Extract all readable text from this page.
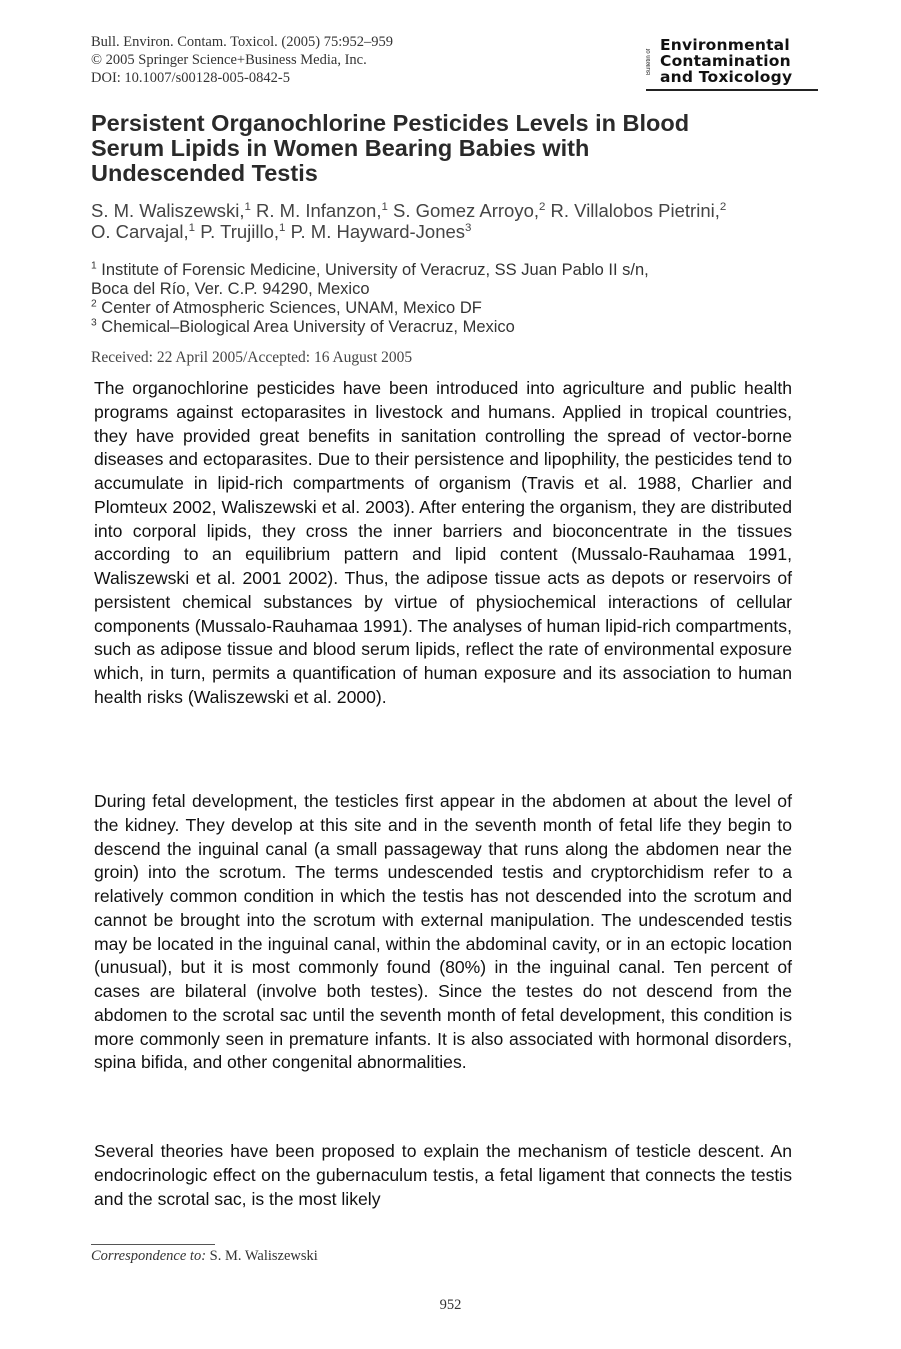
Bull. Environ. Contam. Toxicol. (2005) 75:952–959
© 2005 Springer Science+Business Media, Inc.
DOI: 10.1007/s00128-005-0842-5
Bulletin of
Environmental
Contamination
and Toxicology
Persistent Organochlorine Pesticides Levels in Blood
Serum Lipids in Women Bearing Babies with
Undescended Testis
S. M. Waliszewski,$^1$ R. M. Infanzon,$^1$ S. Gomez Arroyo,$^2$ R. Villalobos Pietrini,$^2$
O. Carvajal,$^1$ P. Trujillo,$^1$ P. M. Hayward-Jones$^3$
$^1$ Institute of Forensic Medicine, University of Veracruz, SS Juan Pablo II s/n,
Boca del Río, Ver. C.P. 94290, Mexico
$^2$ Center of Atmospheric Sciences, UNAM, Mexico DF
$^3$ Chemical–Biological Area University of Veracruz, Mexico
Received: 22 April 2005/Accepted: 16 August 2005

The organochlorine pesticides have been introduced into agriculture and public health programs against ectoparasites in livestock and humans. Applied in tropical countries, they have provided great benefits in sanitation controlling the spread of vector-borne diseases and ectoparasites. Due to their persistence and lipophility, the pesticides tend to accumulate in lipid-rich compartments of organism (Travis et al. 1988, Charlier and Plomteux 2002, Waliszewski et al. 2003). After entering the organism, they are distributed into corporal lipids, they cross the inner barriers and bioconcentrate in the tissues according to an equilibrium pattern and lipid content (Mussalo-Rauhamaa 1991, Waliszewski et al. 2001 2002). Thus, the adipose tissue acts as depots or reservoirs of persistent chemical substances by virtue of physiochemical interactions of cellular components (Mussalo-Rauhamaa 1991). The analyses of human lipid-rich compartments, such as adipose tissue and blood serum lipids, reflect the rate of environmental exposure which, in turn, permits a quantification of human exposure and its association to human health risks (Waliszewski et al. 2000).

During fetal development, the testicles first appear in the abdomen at about the level of the kidney. They develop at this site and in the seventh month of fetal life they begin to descend the inguinal canal (a small passageway that runs along the abdomen near the groin) into the scrotum. The terms undescended testis and cryptorchidism refer to a relatively common condition in which the testis has not descended into the scrotum and cannot be brought into the scrotum with external manipulation. The undescended testis may be located in the inguinal canal, within the abdominal cavity, or in an ectopic location (unusual), but it is most commonly found (80%) in the inguinal canal. Ten percent of cases are bilateral (involve both testes). Since the testes do not descend from the abdomen to the scrotal sac until the seventh month of fetal development, this condition is more commonly seen in premature infants. It is also associated with hormonal disorders, spina bifida, and other congenital abnormalities.

Several theories have been proposed to explain the mechanism of testicle descent. An endocrinologic effect on the gubernaculum testis, a fetal ligament that connects the testis and the scrotal sac, is the most likely

Correspondence to: S. M. Waliszewski
952
